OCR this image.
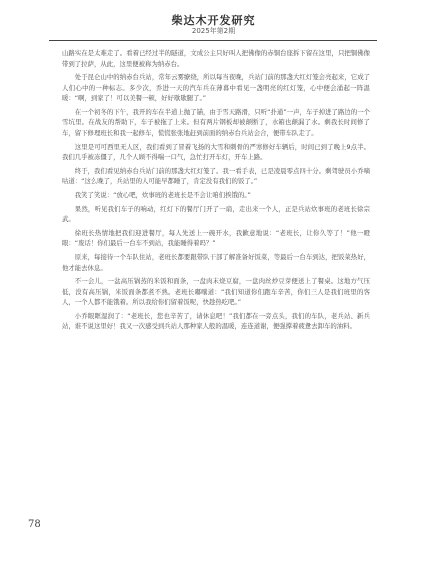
柴达木开发研究
2025年第2期

山路实在是太难走了。看着已经过半的隧道，文成公主只好叫人把佛像的赤铜台座拆下留在这里，只把铜佛像带到了拉萨，从此，这里便被称为纳赤台。

处于昆仑山中的纳赤台兵站，常年云雾缭绕，所以每当夜晚，兵站门前的那盏大红灯笼会亮起来，它成了人们心中的一种标志。多少次，乔进一天的汽车兵在薄暮中看见一盏明亮的红灯笼，心中便会涌起一阵温暖：“啊，到家了！可以美餐一顿，好好歇歇腿了。”

在一个初冬的下午，我开的车在半道上抛了锚，由于雪天路滑，只听“扑通”一声，车子掉进了路边的一个雪坑里。在战友的帮助下，车子被拖了上来。但有两片钢板却被颠断了，水箱也颠漏了水。剩我长时间修了车，留下修理班长和我一起修车，慌慌张张地赶到前面的纳赤台兵站会合，便带车队走了。

这里是可可西里无人区，我们看到了冒着飞扬的大雪和刺骨的严寒修好车辆后，时间已到了晚上9点半。我们几乎被冻僵了，几个人顾不得喘一口气，急忙打开车灯，开车上路。

终于，我们看见纳赤台兵站门前的那盏大红灯笼了。我一看手表，已是凌晨零点四十分。剩驾驶员小乔嘀咕道：“这么晚了，兵站里的人可能早都睡了，肯定没有我们的饭了。”

我笑了笑说：“放心吧，炊事班的老班长是不会让咱们挨饿的。”

果然，听见我们车子的响动，红灯下的餐厅门开了一扇，走出来一个人，正是兵站炊事班的老班长徐宗武。

徐班长热情地把我们迎进餐厅，每人先送上一碗开水，我歉意地说：“老班长，让你久等了！”他一瞪眼：“废话！你们最后一台车不到站，我能睡得着吗？”

原来，每接待一个车队住站，老班长都要跟带队干部了解准备好饭菜，等最后一台车到达，把饭菜热好，他才能去休息。

不一会儿，一盆高压锅蒸的米饭和面条，一盘肉末烧豆腐，一盘肉丝炒豆芽便送上了餐桌。这地方气压低，没有高压锅，米饭面条都煮不熟。老班长嘟囔道：“我们知道你们跑车辛苦，你们三人是我们班里的客人，一个人都不能饿着。所以我给你们留着饭呢，快趁热吃吧。”

小乔眼眶湿润了：“老班长，您也辛苦了，请休息吧！”我们都在一旁点头，我们的车队，老兵站、新兵站，谁不说这里好！我又一次感受到兵站人那种家人般的温暖，连连道谢，便强撑着疲惫去卸车的油料。

78
